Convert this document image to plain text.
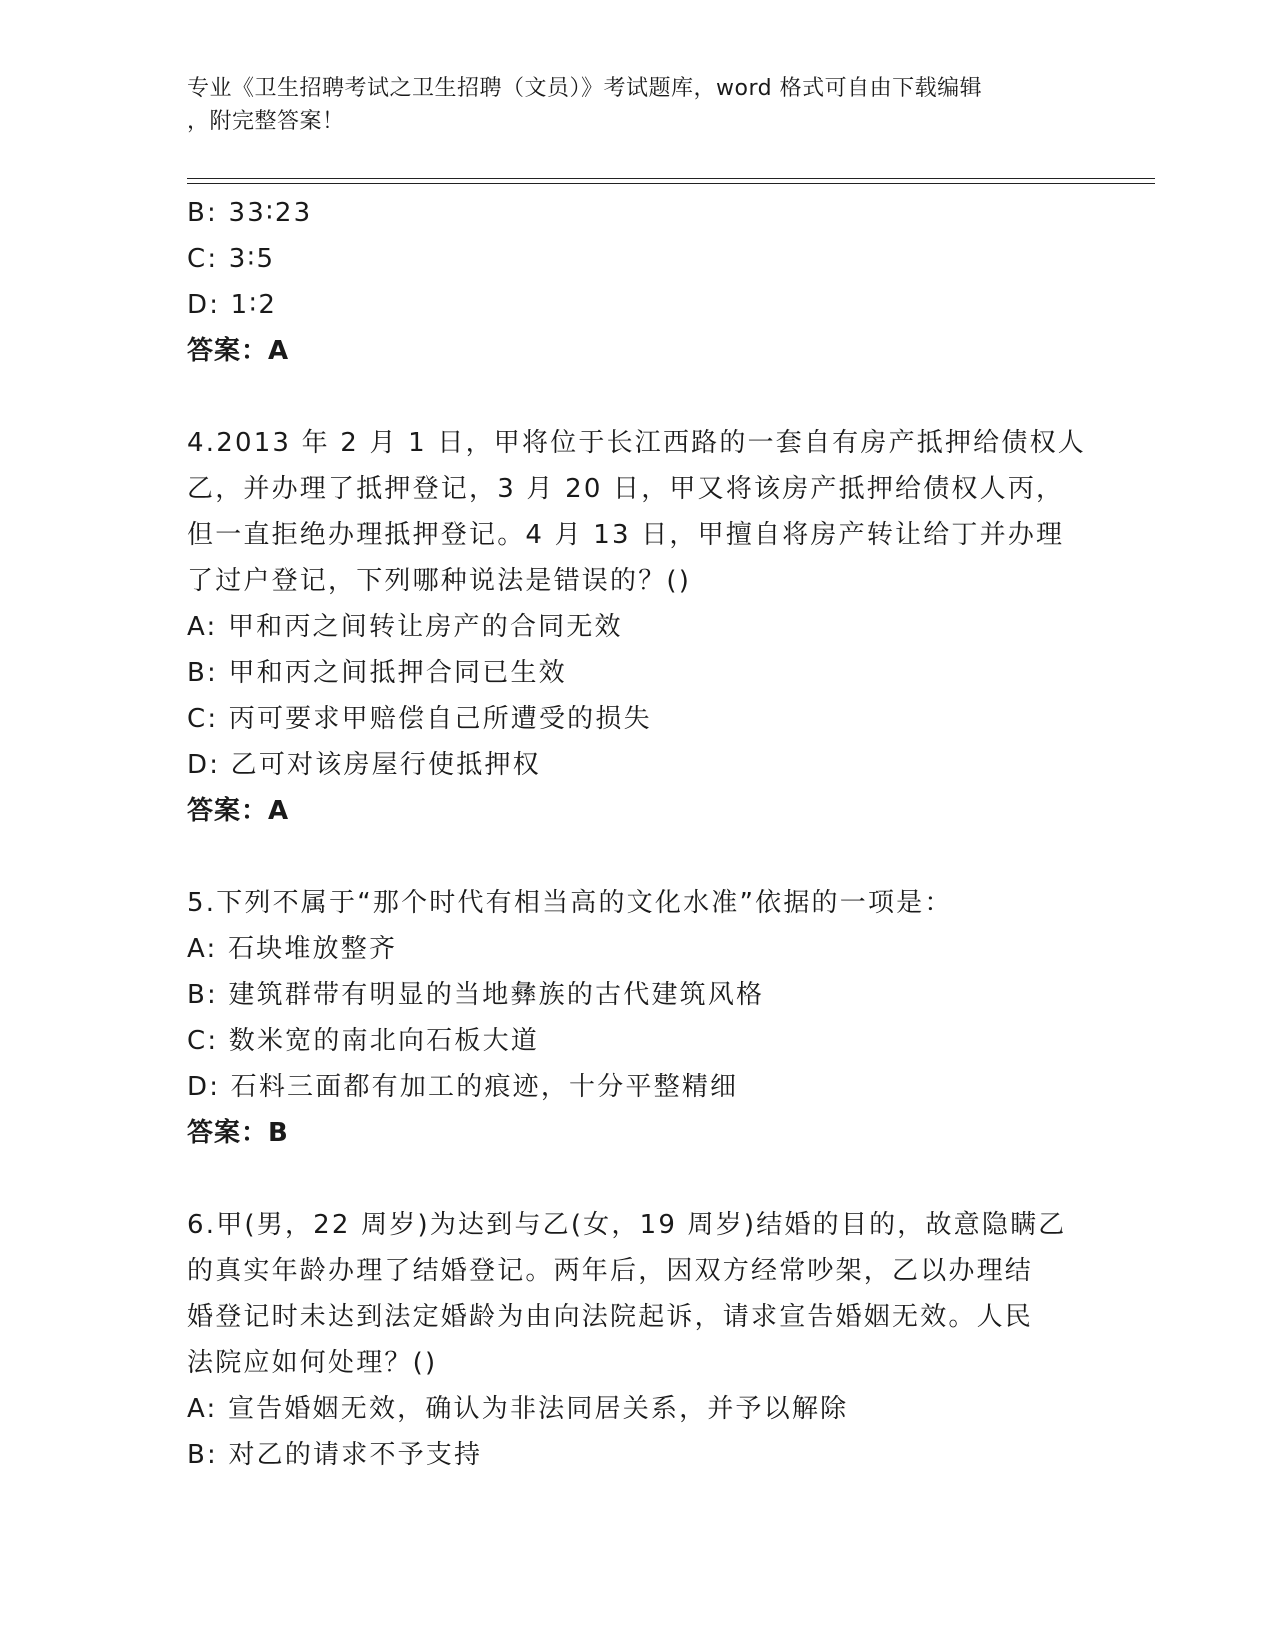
专业《卫生招聘考试之卫生招聘（文员）》考试题库，word 格式可自由下载编辑
，附完整答案！
B: 33∶23
C: 3∶5
D: 1∶2
答案：A
4.2013 年 2 月 1 日，甲将位于长江西路的一套自有房产抵押给债权人
乙，并办理了抵押登记，3 月 20 日，甲又将该房产抵押给债权人丙，
但一直拒绝办理抵押登记。4 月 13 日，甲擅自将房产转让给丁并办理
了过户登记，下列哪种说法是错误的？()
A: 甲和丙之间转让房产的合同无效
B: 甲和丙之间抵押合同已生效
C: 丙可要求甲赔偿自己所遭受的损失
D: 乙可对该房屋行使抵押权
答案：A
5.下列不属于“那个时代有相当高的文化水准”依据的一项是：
A: 石块堆放整齐
B: 建筑群带有明显的当地彝族的古代建筑风格
C: 数米宽的南北向石板大道
D: 石料三面都有加工的痕迹，十分平整精细
答案：B
6.甲(男，22 周岁)为达到与乙(女，19 周岁)结婚的目的，故意隐瞒乙
的真实年龄办理了结婚登记。两年后，因双方经常吵架，乙以办理结
婚登记时未达到法定婚龄为由向法院起诉，请求宣告婚姻无效。人民
法院应如何处理？()
A: 宣告婚姻无效，确认为非法同居关系，并予以解除
B: 对乙的请求不予支持
